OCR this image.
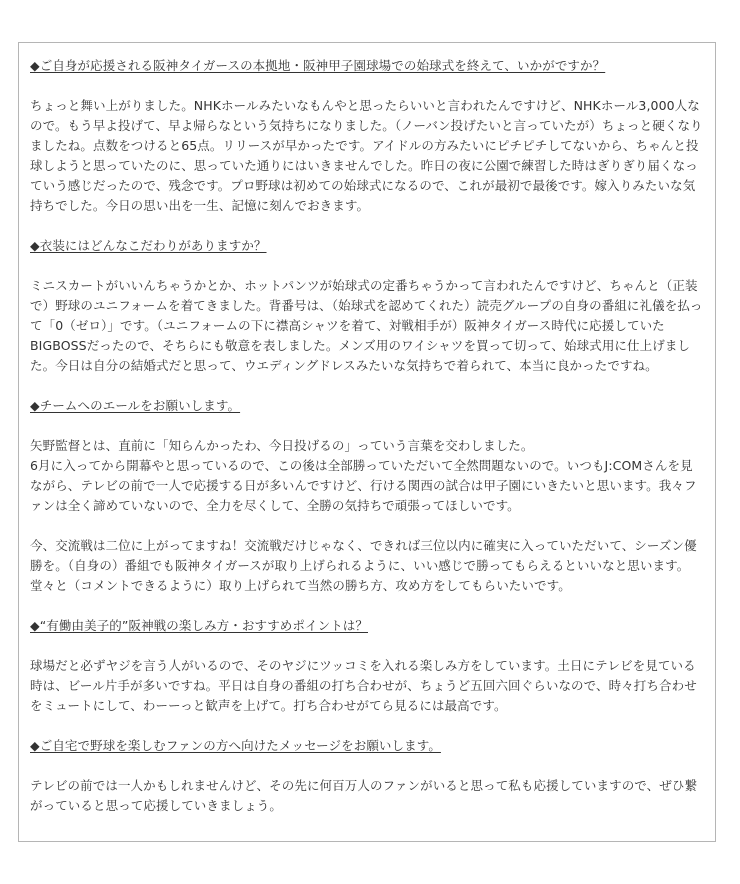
◆ご自身が応援される阪神タイガースの本拠地・阪神甲子園球場での始球式を終えて、いかがですか？

ちょっと舞い上がりました。NHKホールみたいなもんやと思ったらいいと言われたんですけど、NHKホール3,000人なので。もう早よ投げて、早よ帰らなという気持ちになりました。（ノーバン投げたいと言っていたが）ちょっと硬くなりましたね。点数をつけると65点。リリースが早かったです。アイドルの方みたいにピチピチしてないから、ちゃんと投球しようと思っていたのに、思っていた通りにはいきませんでした。昨日の夜に公園で練習した時はぎりぎり届くなっていう感じだったので、残念です。プロ野球は初めての始球式になるので、これが最初で最後です。嫁入りみたいな気持ちでした。今日の思い出を一生、記憶に刻んでおきます。

◆衣装にはどんなこだわりがありますか？

ミニスカートがいいんちゃうかとか、ホットパンツが始球式の定番ちゃうかって言われたんですけど、ちゃんと（正装で）野球のユニフォームを着てきました。背番号は、（始球式を認めてくれた）読売グループの自身の番組に礼儀を払って「0（ゼロ）」です。（ユニフォームの下に襟高シャツを着て、対戦相手が）阪神タイガース時代に応援していたBIGBOSSだったので、そちらにも敬意を表しました。メンズ用のワイシャツを買って切って、始球式用に仕上げました。今日は自分の結婚式だと思って、ウエディングドレスみたいな気持ちで着られて、本当に良かったですね。

◆チームへのエールをお願いします。

矢野監督とは、直前に「知らんかったわ、今日投げるの」っていう言葉を交わしました。
6月に入ってから開幕やと思っているので、この後は全部勝っていただいて全然問題ないので。いつもJ:COMさんを見ながら、テレビの前で一人で応援する日が多いんですけど、行ける関西の試合は甲子園にいきたいと思います。我々ファンは全く諦めていないので、全力を尽くして、全勝の気持ちで頑張ってほしいです。

今、交流戦は二位に上がってますね！交流戦だけじゃなく、できれば三位以内に確実に入っていただいて、シーズン優勝を。（自身の）番組でも阪神タイガースが取り上げられるように、いい感じで勝ってもらえるといいなと思います。堂々と（コメントできるように）取り上げられて当然の勝ち方、攻め方をしてもらいたいです。

◆“有働由美子的”阪神戦の楽しみ方・おすすめポイントは？

球場だと必ずヤジを言う人がいるので、そのヤジにツッコミを入れる楽しみ方をしています。土日にテレビを見ている時は、ビール片手が多いですね。平日は自身の番組の打ち合わせが、ちょうど五回六回ぐらいなので、時々打ち合わせをミュートにして、わーーっと歓声を上げて。打ち合わせがてら見るには最高です。

◆ご自宅で野球を楽しむファンの方へ向けたメッセージをお願いします。

テレビの前では一人かもしれませんけど、その先に何百万人のファンがいると思って私も応援していますので、ぜひ繋がっていると思って応援していきましょう。
